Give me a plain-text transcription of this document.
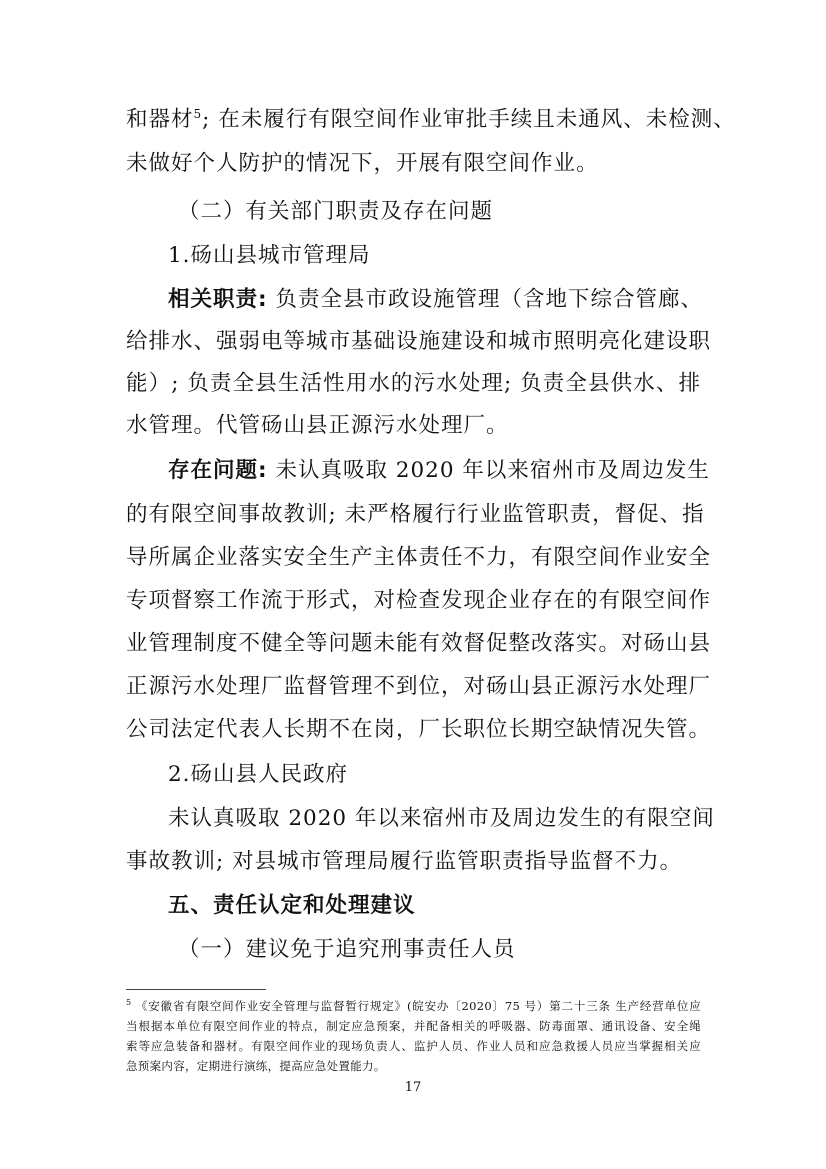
和器材$^5$; 在未履行有限空间作业审批手续且未通风、未检测、
未做好个人防护的情况下，开展有限空间作业。
（二）有关部门职责及存在问题
1.砀山县城市管理局
相关职责: 负责全县市政设施管理（含地下综合管廊、
给排水、强弱电等城市基础设施建设和城市照明亮化建设职
能）; 负责全县生活性用水的污水处理; 负责全县供水、排
水管理。代管砀山县正源污水处理厂。
存在问题: 未认真吸取 2020 年以来宿州市及周边发生
的有限空间事故教训; 未严格履行行业监管职责，督促、指
导所属企业落实安全生产主体责任不力，有限空间作业安全
专项督察工作流于形式，对检查发现企业存在的有限空间作
业管理制度不健全等问题未能有效督促整改落实。对砀山县
正源污水处理厂监督管理不到位，对砀山县正源污水处理厂
公司法定代表人长期不在岗，厂长职位长期空缺情况失管。
2.砀山县人民政府
未认真吸取 2020 年以来宿州市及周边发生的有限空间
事故教训; 对县城市管理局履行监管职责指导监督不力。
五、责任认定和处理建议
（一）建议免于追究刑事责任人员
$^5$ 《安徽省有限空间作业安全管理与监督暂行规定》(皖安办〔2020〕75 号）第二十三条 生产经营单位应
当根据本单位有限空间作业的特点，制定应急预案，并配备相关的呼吸器、防毒面罩、通讯设备、安全绳
索等应急装备和器材。有限空间作业的现场负责人、监护人员、作业人员和应急救援人员应当掌握相关应
急预案内容，定期进行演练，提高应急处置能力。
17
